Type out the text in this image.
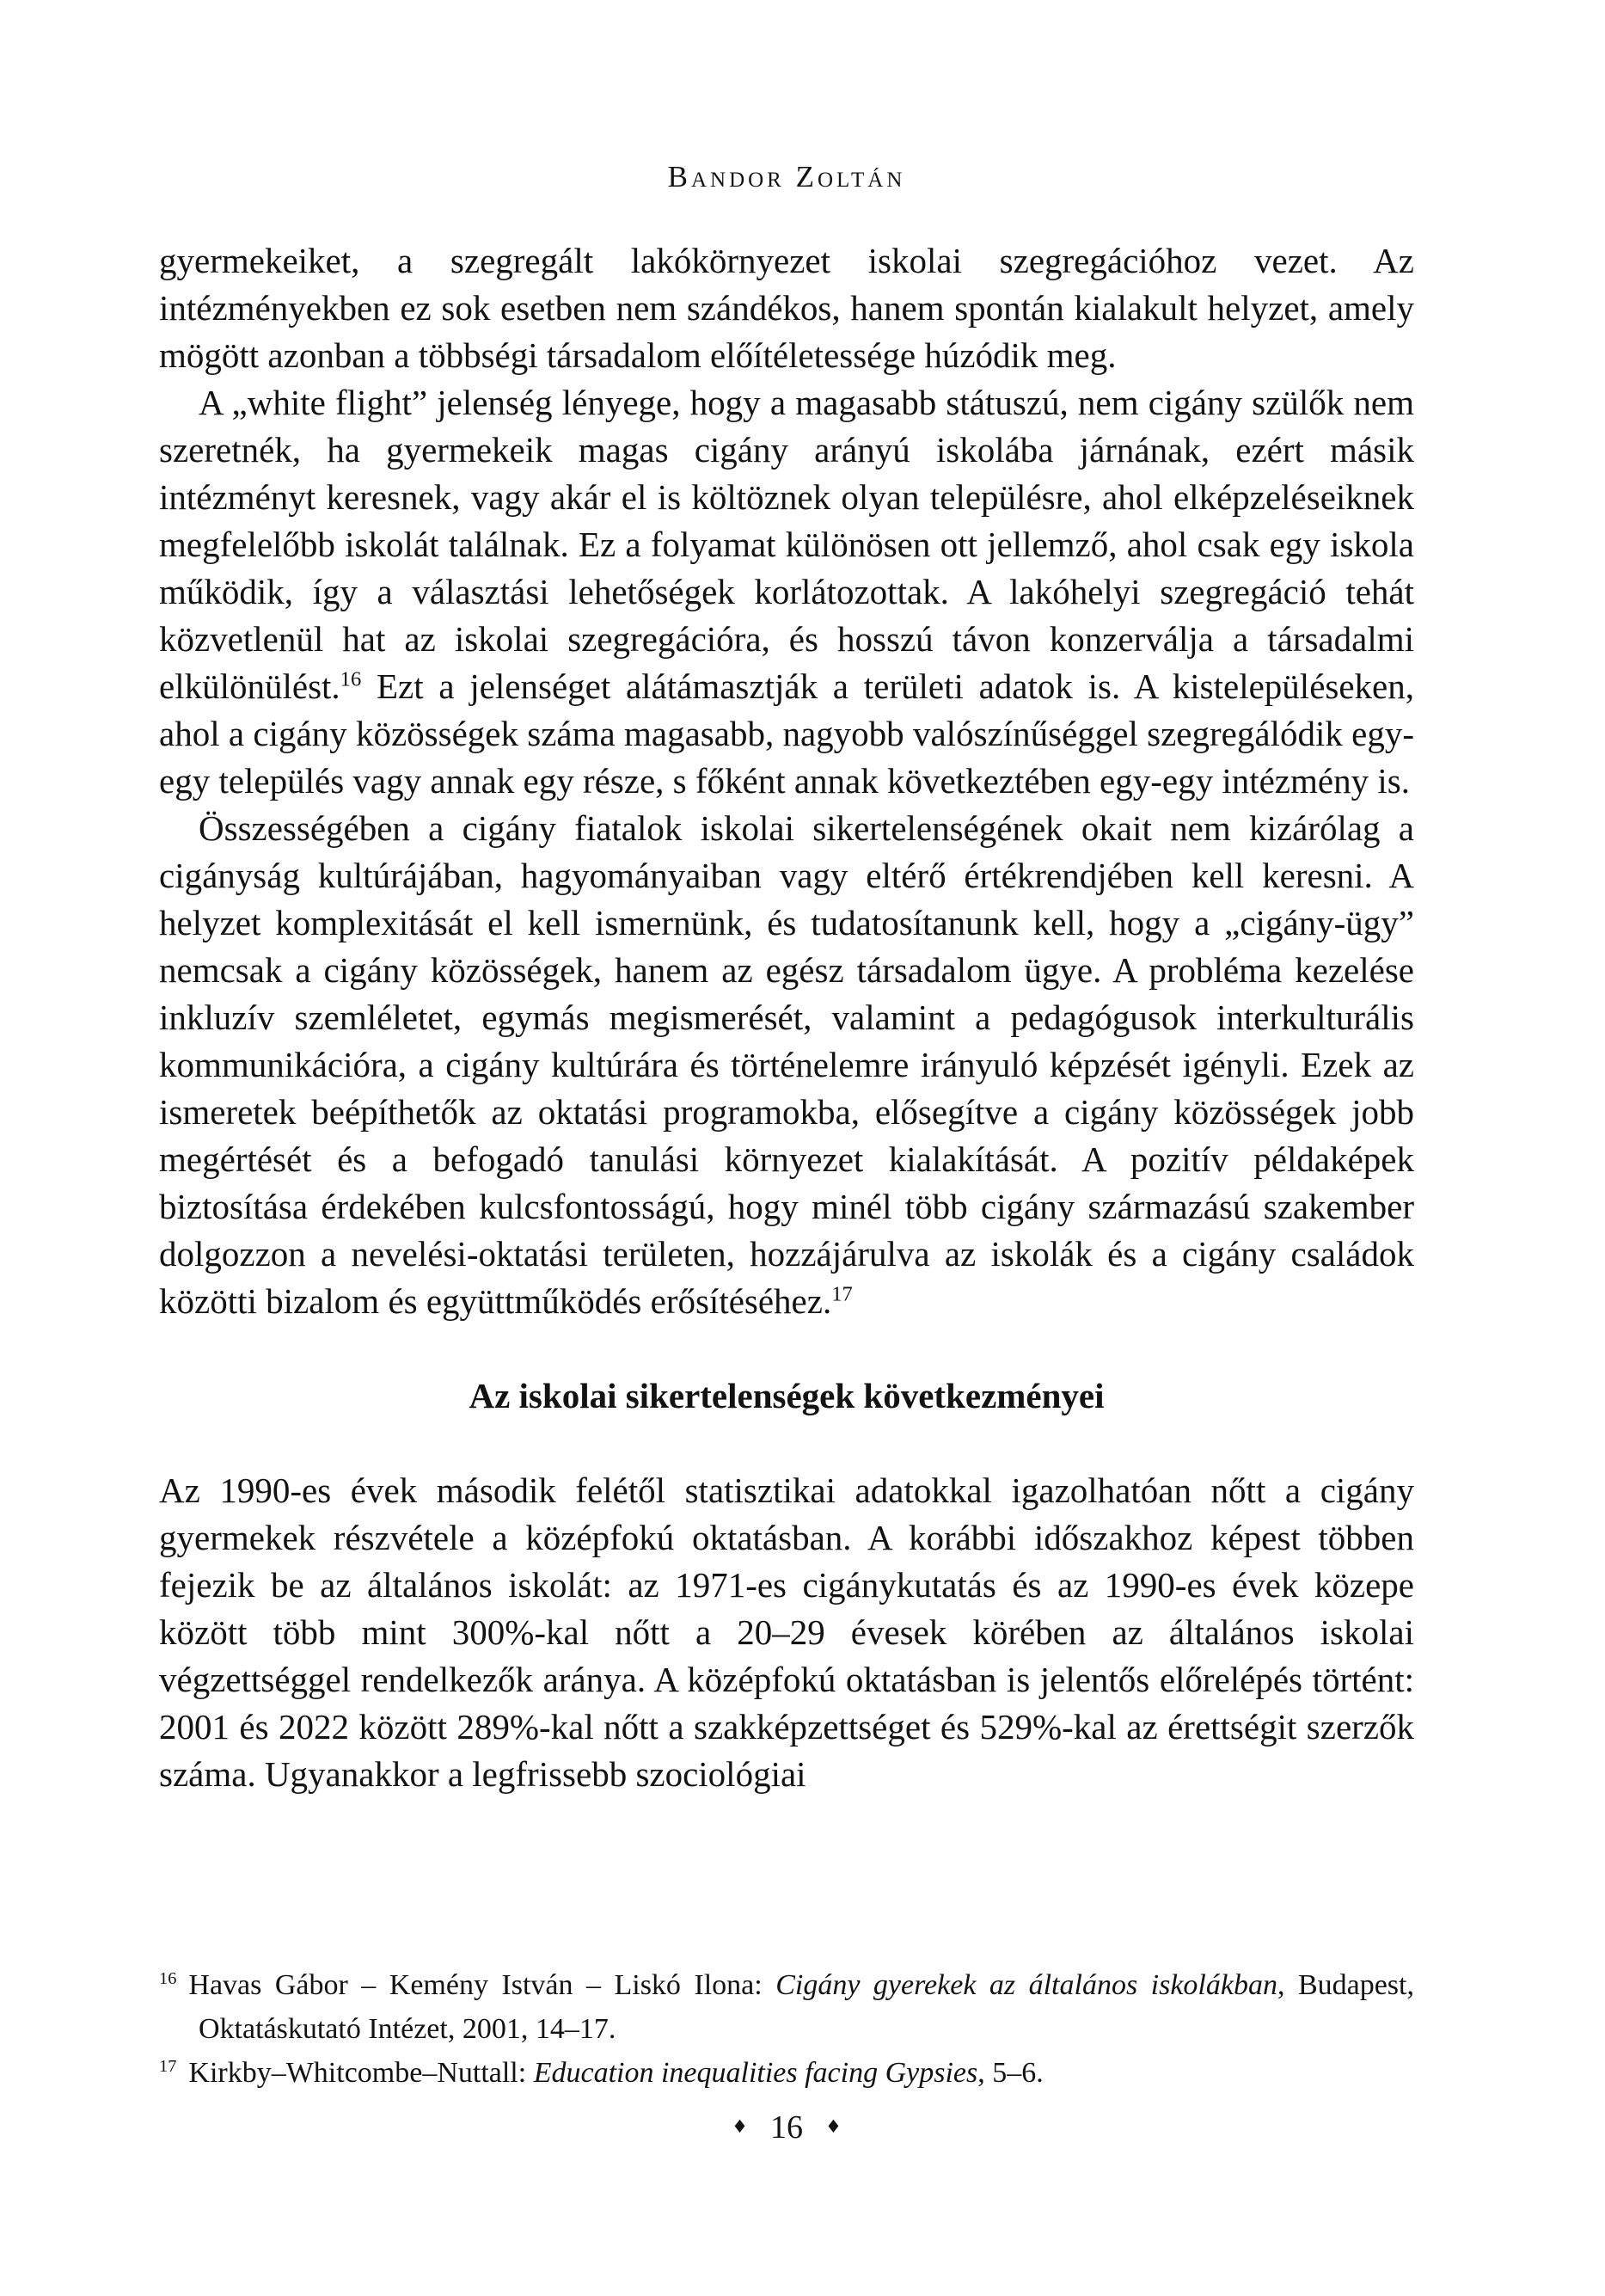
Bandor Zoltán

gyermekeiket, a szegregált lakókörnyezet iskolai szegregációhoz vezet. Az intézményekben ez sok esetben nem szándékos, hanem spontán kialakult helyzet, amely mögött azonban a többségi társadalom előítéletessége húzódik meg.

A „white flight” jelenség lényege, hogy a magasabb státuszú, nem cigány szülők nem szeretnék, ha gyermekeik magas cigány arányú iskolába járnának, ezért másik intézményt keresnek, vagy akár el is költöznek olyan településre, ahol elképzeléseiknek megfelelőbb iskolát találnak. Ez a folyamat különösen ott jellemző, ahol csak egy iskola működik, így a választási lehetőségek korlátozottak. A lakóhelyi szegregáció tehát közvetlenül hat az iskolai szegregációra, és hosszú távon konzerválja a társadalmi elkülönülést.$^{16}$ Ezt a jelenséget alátámasztják a területi adatok is. A kistelepüléseken, ahol a cigány közösségek száma magasabb, nagyobb valószínűséggel szegregálódik egy-egy település vagy annak egy része, s főként annak következtében egy-egy intézmény is.

Összességében a cigány fiatalok iskolai sikertelenségének okait nem kizárólag a cigányság kultúrájában, hagyományaiban vagy eltérő értékrendjében kell keresni. A helyzet komplexitását el kell ismernünk, és tudatosítanunk kell, hogy a „cigány-ügy” nemcsak a cigány közösségek, hanem az egész társadalom ügye. A probléma kezelése inkluzív szemléletet, egymás megismerését, valamint a pedagógusok interkulturális kommunikációra, a cigány kultúrára és történelemre irányuló képzését igényli. Ezek az ismeretek beépíthetők az oktatási programokba, elősegítve a cigány közösségek jobb megértését és a befogadó tanulási környezet kialakítását. A pozitív példaképek biztosítása érdekében kulcsfontosságú, hogy minél több cigány származású szakember dolgozzon a nevelési-oktatási területen, hozzájárulva az iskolák és a cigány családok közötti bizalom és együttműködés erősítéséhez.$^{17}$

Az iskolai sikertelenségek következményei

Az 1990-es évek második felétől statisztikai adatokkal igazolhatóan nőtt a cigány gyermekek részvétele a középfokú oktatásban. A korábbi időszakhoz képest többen fejezik be az általános iskolát: az 1971-es cigánykutatás és az 1990-es évek közepe között több mint 300%-kal nőtt a 20–29 évesek körében az általános iskolai végzettséggel rendelkezők aránya. A középfokú oktatásban is jelentős előrelépés történt: 2001 és 2022 között 289%-kal nőtt a szakképzettséget és 529%-kal az érettségit szerzők száma. Ugyanakkor a legfrissebb szociológiai

$^{16}$ Havas Gábor – Kemény István – Liskó Ilona: Cigány gyerekek az általános iskolákban, Budapest, Oktatáskutató Intézet, 2001, 14–17.

$^{17}$ Kirkby–Whitcombe–Nuttall: Education inequalities facing Gypsies, 5–6.

♦ 16 ♦
